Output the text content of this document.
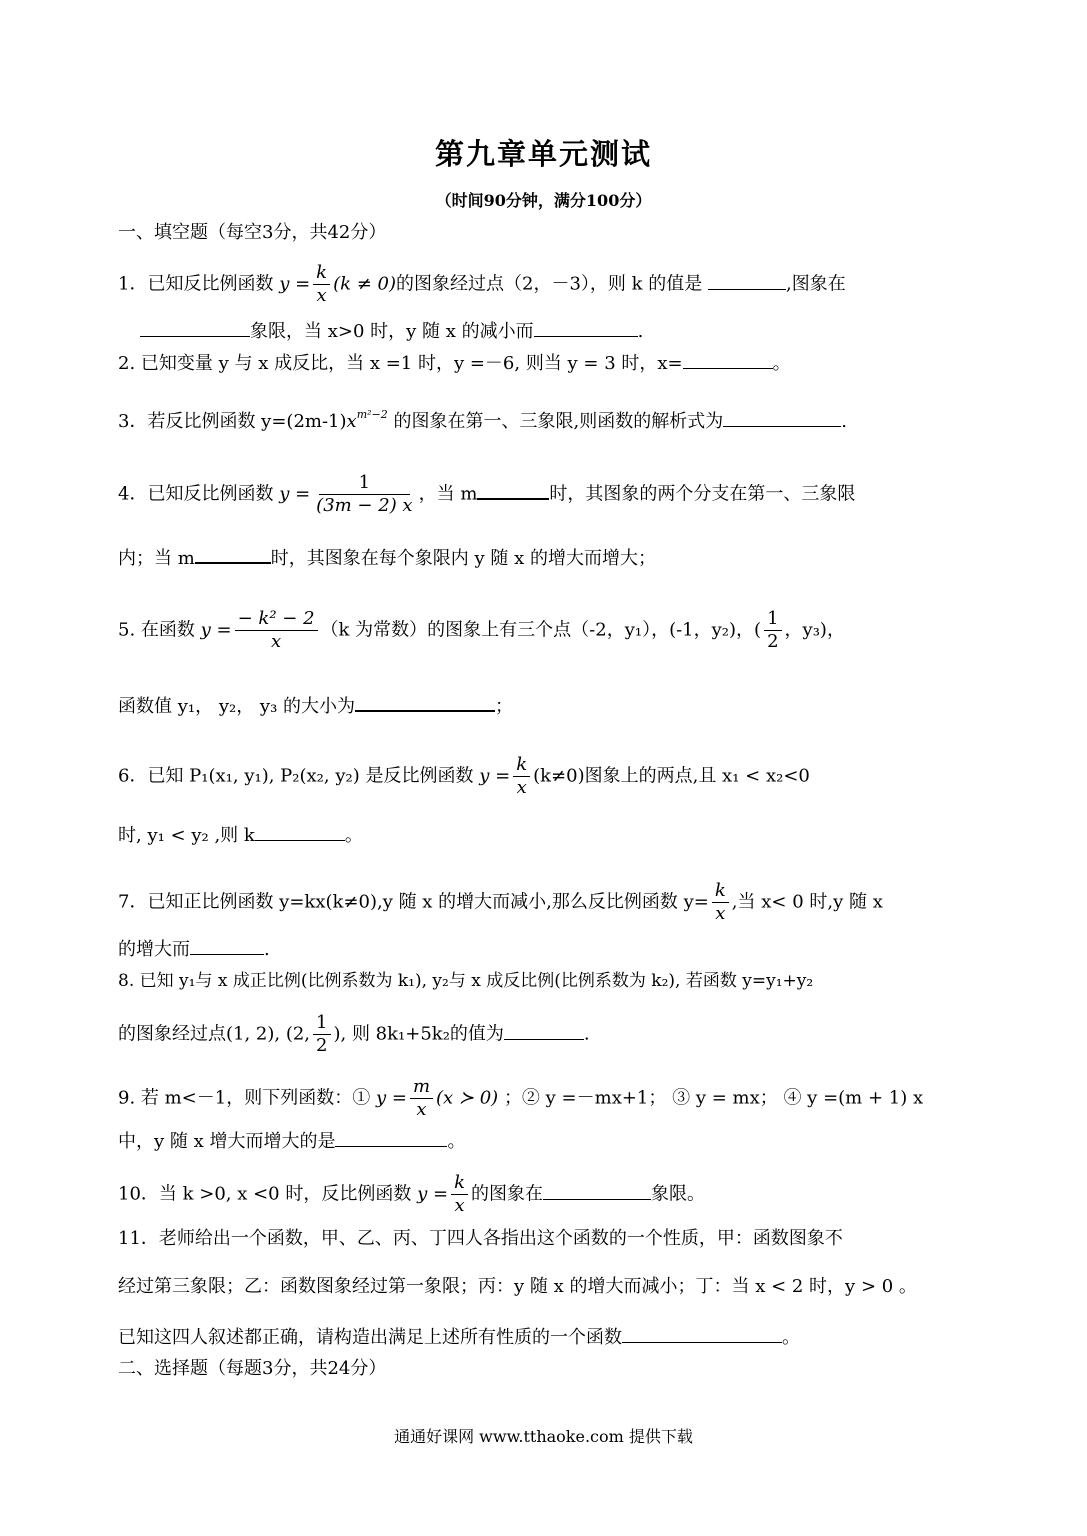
第九章单元测试
（时间90分钟，满分100分）
一、填空题（每空3分，共42分）
1．已知反比例函数 $y = \frac{k}{x} (k \ne 0)$的图象经过点（2，－3），则 k 的值是	,图象在
象限，当 x>0 时，y 随 x 的减小而	.
2. 已知变量 y 与 x 成反比，当 x =1 时，y =－6, 则当 y = 3 时，x=	。
3．若反比例函数 $y=(2m-1)x^{m^2-2}$ 的图象在第一、三象限,则函数的解析式为	.
4．已知反比例函数 $y = \frac{1}{(3m - 2) x}$ ，当 m	时，其图象的两个分支在第一、三象限
内；当 m	时，其图象在每个象限内 y 随 x 的增大而增大；
5. 在函数 $y = \frac{\text{− k² − 2}}{x} (k$ 为常数）的图象上有三个点（-2，y₁），(-1，y₂)，( $\frac{1}{2}$ ，y₃)，
函数值 y₁， y₂， y₃ 的大小为	；
6．已知 P₁(x₁, y₁), P₂(x₂, y₂) 是反比例函数 $y = \frac{k}{x} (k\ne 0)$图象上的两点,且 x₁ < x₂<0
时, y₁ < y₂ ,则 k	。
7．已知正比例函数 y=kx(k≠0),y 随 x 的增大而减小,那么反比例函数 $y= \frac{k}{x}$ ,当 x< 0 时,y 随 x
的增大而	.
8. 已知 y₁与 x 成正比例(比例系数为 k₁), y₂与 x 成反比例(比例系数为 k₂), 若函数 y=y₁+y₂
的图象经过点(1, 2), (2, $\frac{1}{2}$ ), 则 8k₁+5k₂的值为	.
9. 若 m<－1，则下列函数：① $y = \frac{m}{x} (x$ ≻ 0) ；② y =－mx+1； ③ y = mx； ④ y =(m + 1) x
中，y 随 x 增大而增大的是	。
10．当 k >0, x <0 时，反比例函数 $y = \frac{k}{x}$ 的图象在	象限。
11．老师给出一个函数，甲、乙、丙、丁四人各指出这个函数的一个性质，甲：函数图象不
经过第三象限；乙：函数图象经过第一象限；丙：y 随 x 的增大而减小；丁：当 x < 2 时，y > 0 。
已知这四人叙述都正确，请构造出满足上述所有性质的一个函数	。
二、选择题（每题3分，共24分）
通通好课网 www.tthaoke.com 提供下载
